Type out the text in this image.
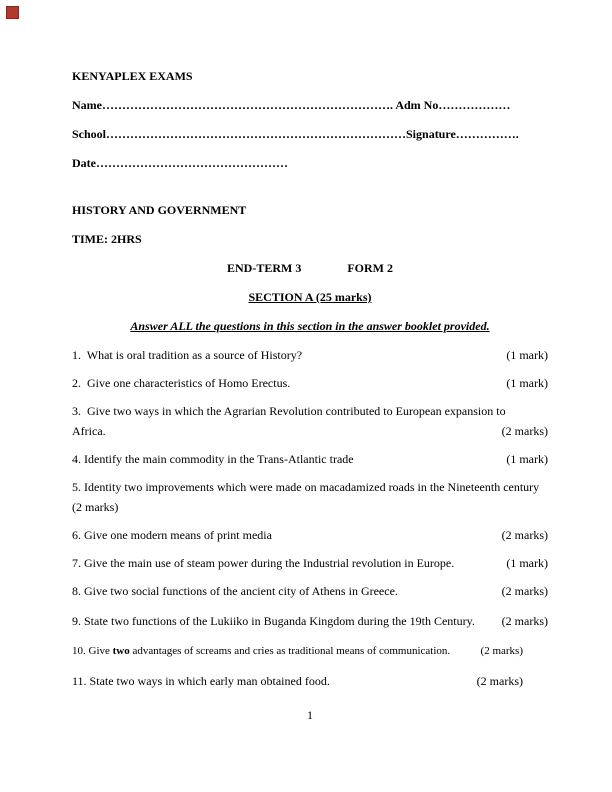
KENYAPLEX EXAMS
Name………………………………………………………………. Adm No………………
School…………………………………………………………………Signature…………….
Date…………………………………………
HISTORY AND GOVERNMENT
TIME: 2HRS
END-TERM 3	FORM 2
SECTION A (25 marks)
Answer ALL the questions in this section in the answer booklet provided.
1.  What is oral tradition as a source of History?	(1 mark)
2.  Give one characteristics of Homo Erectus.	(1 mark)
3.  Give two ways in which the Agrarian Revolution contributed to European expansion to
Africa.	(2 marks)
4. Identify the main commodity in the Trans-Atlantic trade	(1 mark)
5. Identity two improvements which were made on macadamized roads in the Nineteenth century
(2 marks)
6. Give one modern means of print media	(2 marks)
7. Give the main use of steam power during the Industrial revolution in Europe.	(1 mark)
8. Give two social functions of the ancient city of Athens in Greece.	(2 marks)
9. State two functions of the Lukiiko in Buganda Kingdom during the 19th Century.	(2 marks)
10. Give two advantages of screams and cries as traditional means of communication.	(2 marks)
11. State two ways in which early man obtained food.	(2 marks)
1
